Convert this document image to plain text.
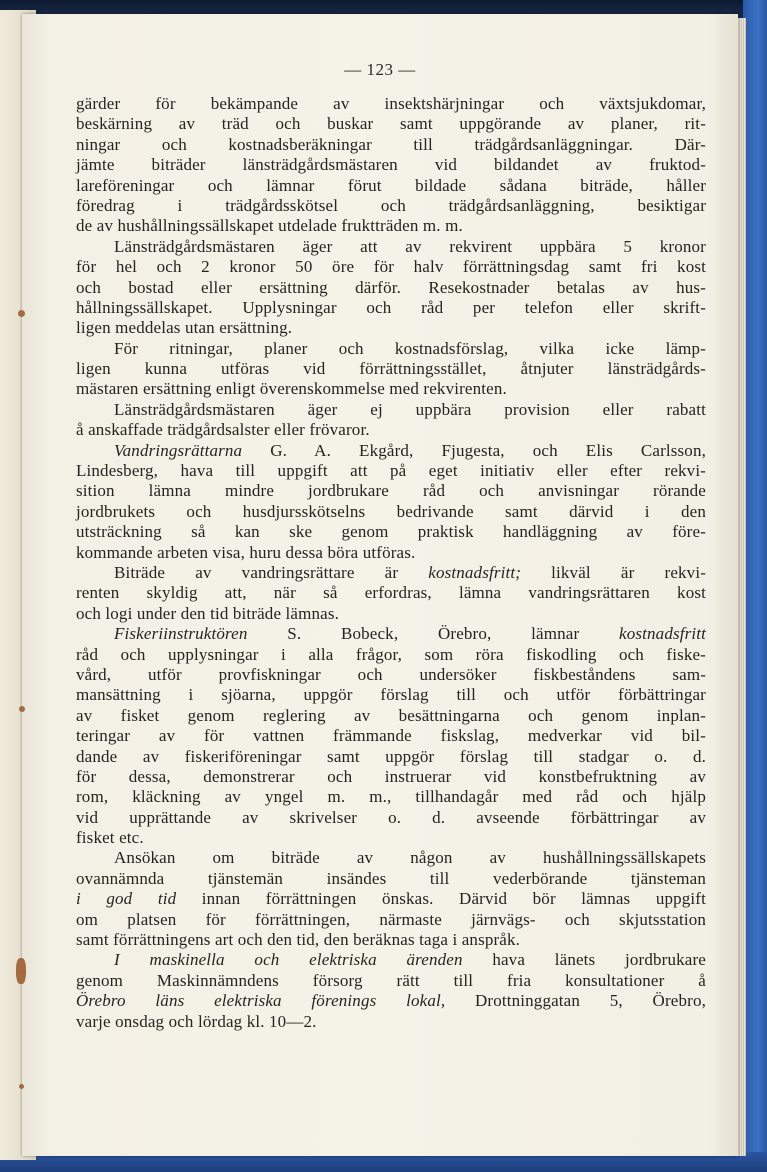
— 123 —
gärder för bekämpande av insektshärjningar och växtsjukdomar,
beskärning av träd och buskar samt uppgörande av planer, rit-
ningar och kostnadsberäkningar till trädgårdsanläggningar. Där-
jämte biträder länsträdgårdsmästaren vid bildandet av fruktod-
lareföreningar och lämnar förut bildade sådana biträde, håller
föredrag i trädgårdsskötsel och trädgårdsanläggning, besiktigar
de av hushållningssällskapet utdelade fruktträden m. m.
Länsträdgårdsmästaren äger att av rekvirent uppbära 5 kronor
för hel och 2 kronor 50 öre för halv förrättningsdag samt fri kost
och bostad eller ersättning därför. Resekostnader betalas av hus-
hållningssällskapet. Upplysningar och råd per telefon eller skrift-
ligen meddelas utan ersättning.
För ritningar, planer och kostnadsförslag, vilka icke lämp-
ligen kunna utföras vid förrättningsstället, åtnjuter länsträdgårds-
mästaren ersättning enligt överenskommelse med rekvirenten.
Länsträdgårdsmästaren äger ej uppbära provision eller rabatt
å anskaffade trädgårdsalster eller frövaror.
Vandringsrättarna G. A. Ekgård, Fjugesta, och Elis Carlsson,
Lindesberg, hava till uppgift att på eget initiativ eller efter rekvi-
sition lämna mindre jordbrukare råd och anvisningar rörande
jordbrukets och husdjursskötselns bedrivande samt därvid i den
utsträckning så kan ske genom praktisk handläggning av före-
kommande arbeten visa, huru dessa böra utföras.
Biträde av vandringsrättare är kostnadsfritt; likväl är rekvi-
renten skyldig att, när så erfordras, lämna vandringsrättaren kost
och logi under den tid biträde lämnas.
Fiskeriinstruktören S. Bobeck, Örebro, lämnar kostnadsfritt
råd och upplysningar i alla frågor, som röra fiskodling och fiske-
vård, utför provfiskningar och undersöker fiskbeståndens sam-
mansättning i sjöarna, uppgör förslag till och utför förbättringar
av fisket genom reglering av besättningarna och genom inplan-
teringar av för vattnen främmande fiskslag, medverkar vid bil-
dande av fiskeriföreningar samt uppgör förslag till stadgar o. d.
för dessa, demonstrerar och instruerar vid konstbefruktning av
rom, kläckning av yngel m. m., tillhandagår med råd och hjälp
vid upprättande av skrivelser o. d. avseende förbättringar av
fisket etc.
Ansökan om biträde av någon av hushållningssällskapets
ovannämnda tjänstemän insändes till vederbörande tjänsteman
i god tid innan förrättningen önskas. Därvid bör lämnas uppgift
om platsen för förrättningen, närmaste järnvägs- och skjutsstation
samt förrättningens art och den tid, den beräknas taga i anspråk.
I maskinella och elektriska ärenden hava länets jordbrukare
genom Maskinnämndens försorg rätt till fria konsultationer å
Örebro läns elektriska förenings lokal, Drottninggatan 5, Örebro,
varje onsdag och lördag kl. 10—2.
